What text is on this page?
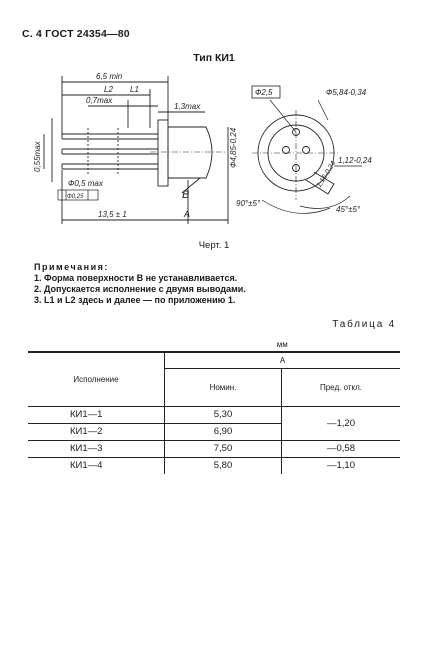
С. 4 ГОСТ 24354—80
Тип КИ1
6,5 min
L2 L1
0,7max
1,3max
B
A
Ф0,5 max
Ф0,25
13,5 ± 1
Ф2,5	Ф5,84-0,34
1,12-0,24
90°±5°
45°±5°
0,55max	Ф4,85-0,24
1,16-0,24
Черт. 1
Примечания:
1. Форма поверхности B не устанавливается.
2. Допускается исполнение с двумя выводами.
3. L1 и L2 здесь и далее — по приложению 1.
Таблица 4
	мм	
Исполнение	A	
	Номин.	Пред. откл.
КИ1—1	5,30	—1,20
КИ1—2	6,90	
КИ1—3	7,50	—0,58
КИ1—4	5,80	—1,10
